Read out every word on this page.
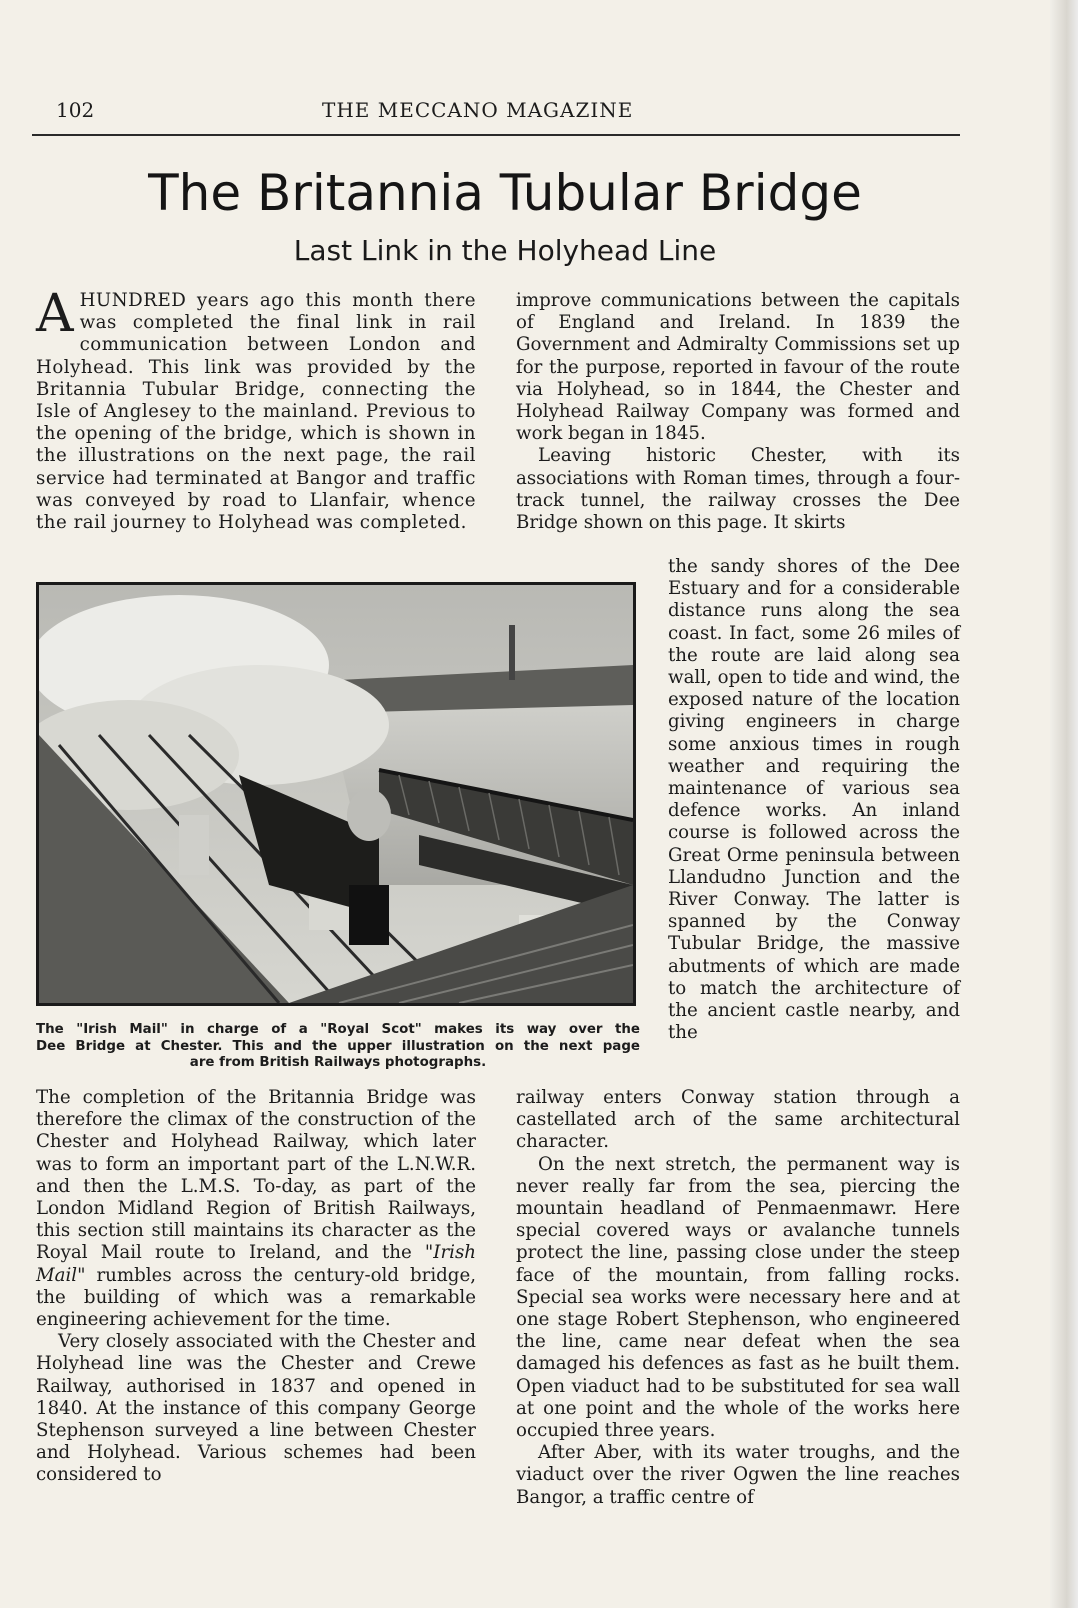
102	THE MECCANO MAGAZINE
The Britannia Tubular Bridge
Last Link in the Holyhead Line

AHUNDRED years ago this month there was completed the final link in rail communication between London and Holyhead. This link was provided by the Britannia Tubular Bridge, connecting the Isle of Anglesey to the mainland. Previous to the opening of the bridge, which is shown in the illustrations on the next page, the rail service had terminated at Bangor and traffic was conveyed by road to Llanfair, whence the rail journey to Holyhead was completed.

improve communications between the capitals of England and Ireland. In 1839 the Government and Admiralty Commissions set up for the purpose, reported in favour of the route via Holyhead, so in 1844, the Chester and Holyhead Railway Company was formed and work began in 1845.

Leaving historic Chester, with its associations with Roman times, through a four-track tunnel, the railway crosses the Dee Bridge shown on this page. It skirts

the sandy shores of the Dee Estuary and for a considerable distance runs along the sea coast. In fact, some 26 miles of the route are laid along sea wall, open to tide and wind, the exposed nature of the location giving engineers in charge some anxious times in rough weather and requiring the maintenance of various sea defence works. An inland course is followed across the Great Orme peninsula between Llandudno Junction and the River Conway. The latter is spanned by the Conway Tubular Bridge, the massive abutments of which are made to match the architecture of the ancient castle nearby, and the

The "Irish Mail" in charge of a "Royal Scot" makes its way over the
Dee Bridge at Chester. This and the upper illustration on the next page
are from British Railways photographs.

The completion of the Britannia Bridge was therefore the climax of the construction of the Chester and Holyhead Railway, which later was to form an important part of the L.N.W.R. and then the L.M.S. To-day, as part of the London Midland Region of British Railways, this section still maintains its character as the Royal Mail route to Ireland, and the "Irish Mail" rumbles across the century-old bridge, the building of which was a remarkable engineering achievement for the time.

Very closely associated with the Chester and Holyhead line was the Chester and Crewe Railway, authorised in 1837 and opened in 1840. At the instance of this company George Stephenson surveyed a line between Chester and Holyhead. Various schemes had been considered to

railway enters Conway station through a castellated arch of the same architectural character.

On the next stretch, the permanent way is never really far from the sea, piercing the mountain headland of Penmaenmawr. Here special covered ways or avalanche tunnels protect the line, passing close under the steep face of the mountain, from falling rocks. Special sea works were necessary here and at one stage Robert Stephenson, who engineered the line, came near defeat when the sea damaged his defences as fast as he built them. Open viaduct had to be substituted for sea wall at one point and the whole of the works here occupied three years.

After Aber, with its water troughs, and the viaduct over the river Ogwen the line reaches Bangor, a traffic centre of
